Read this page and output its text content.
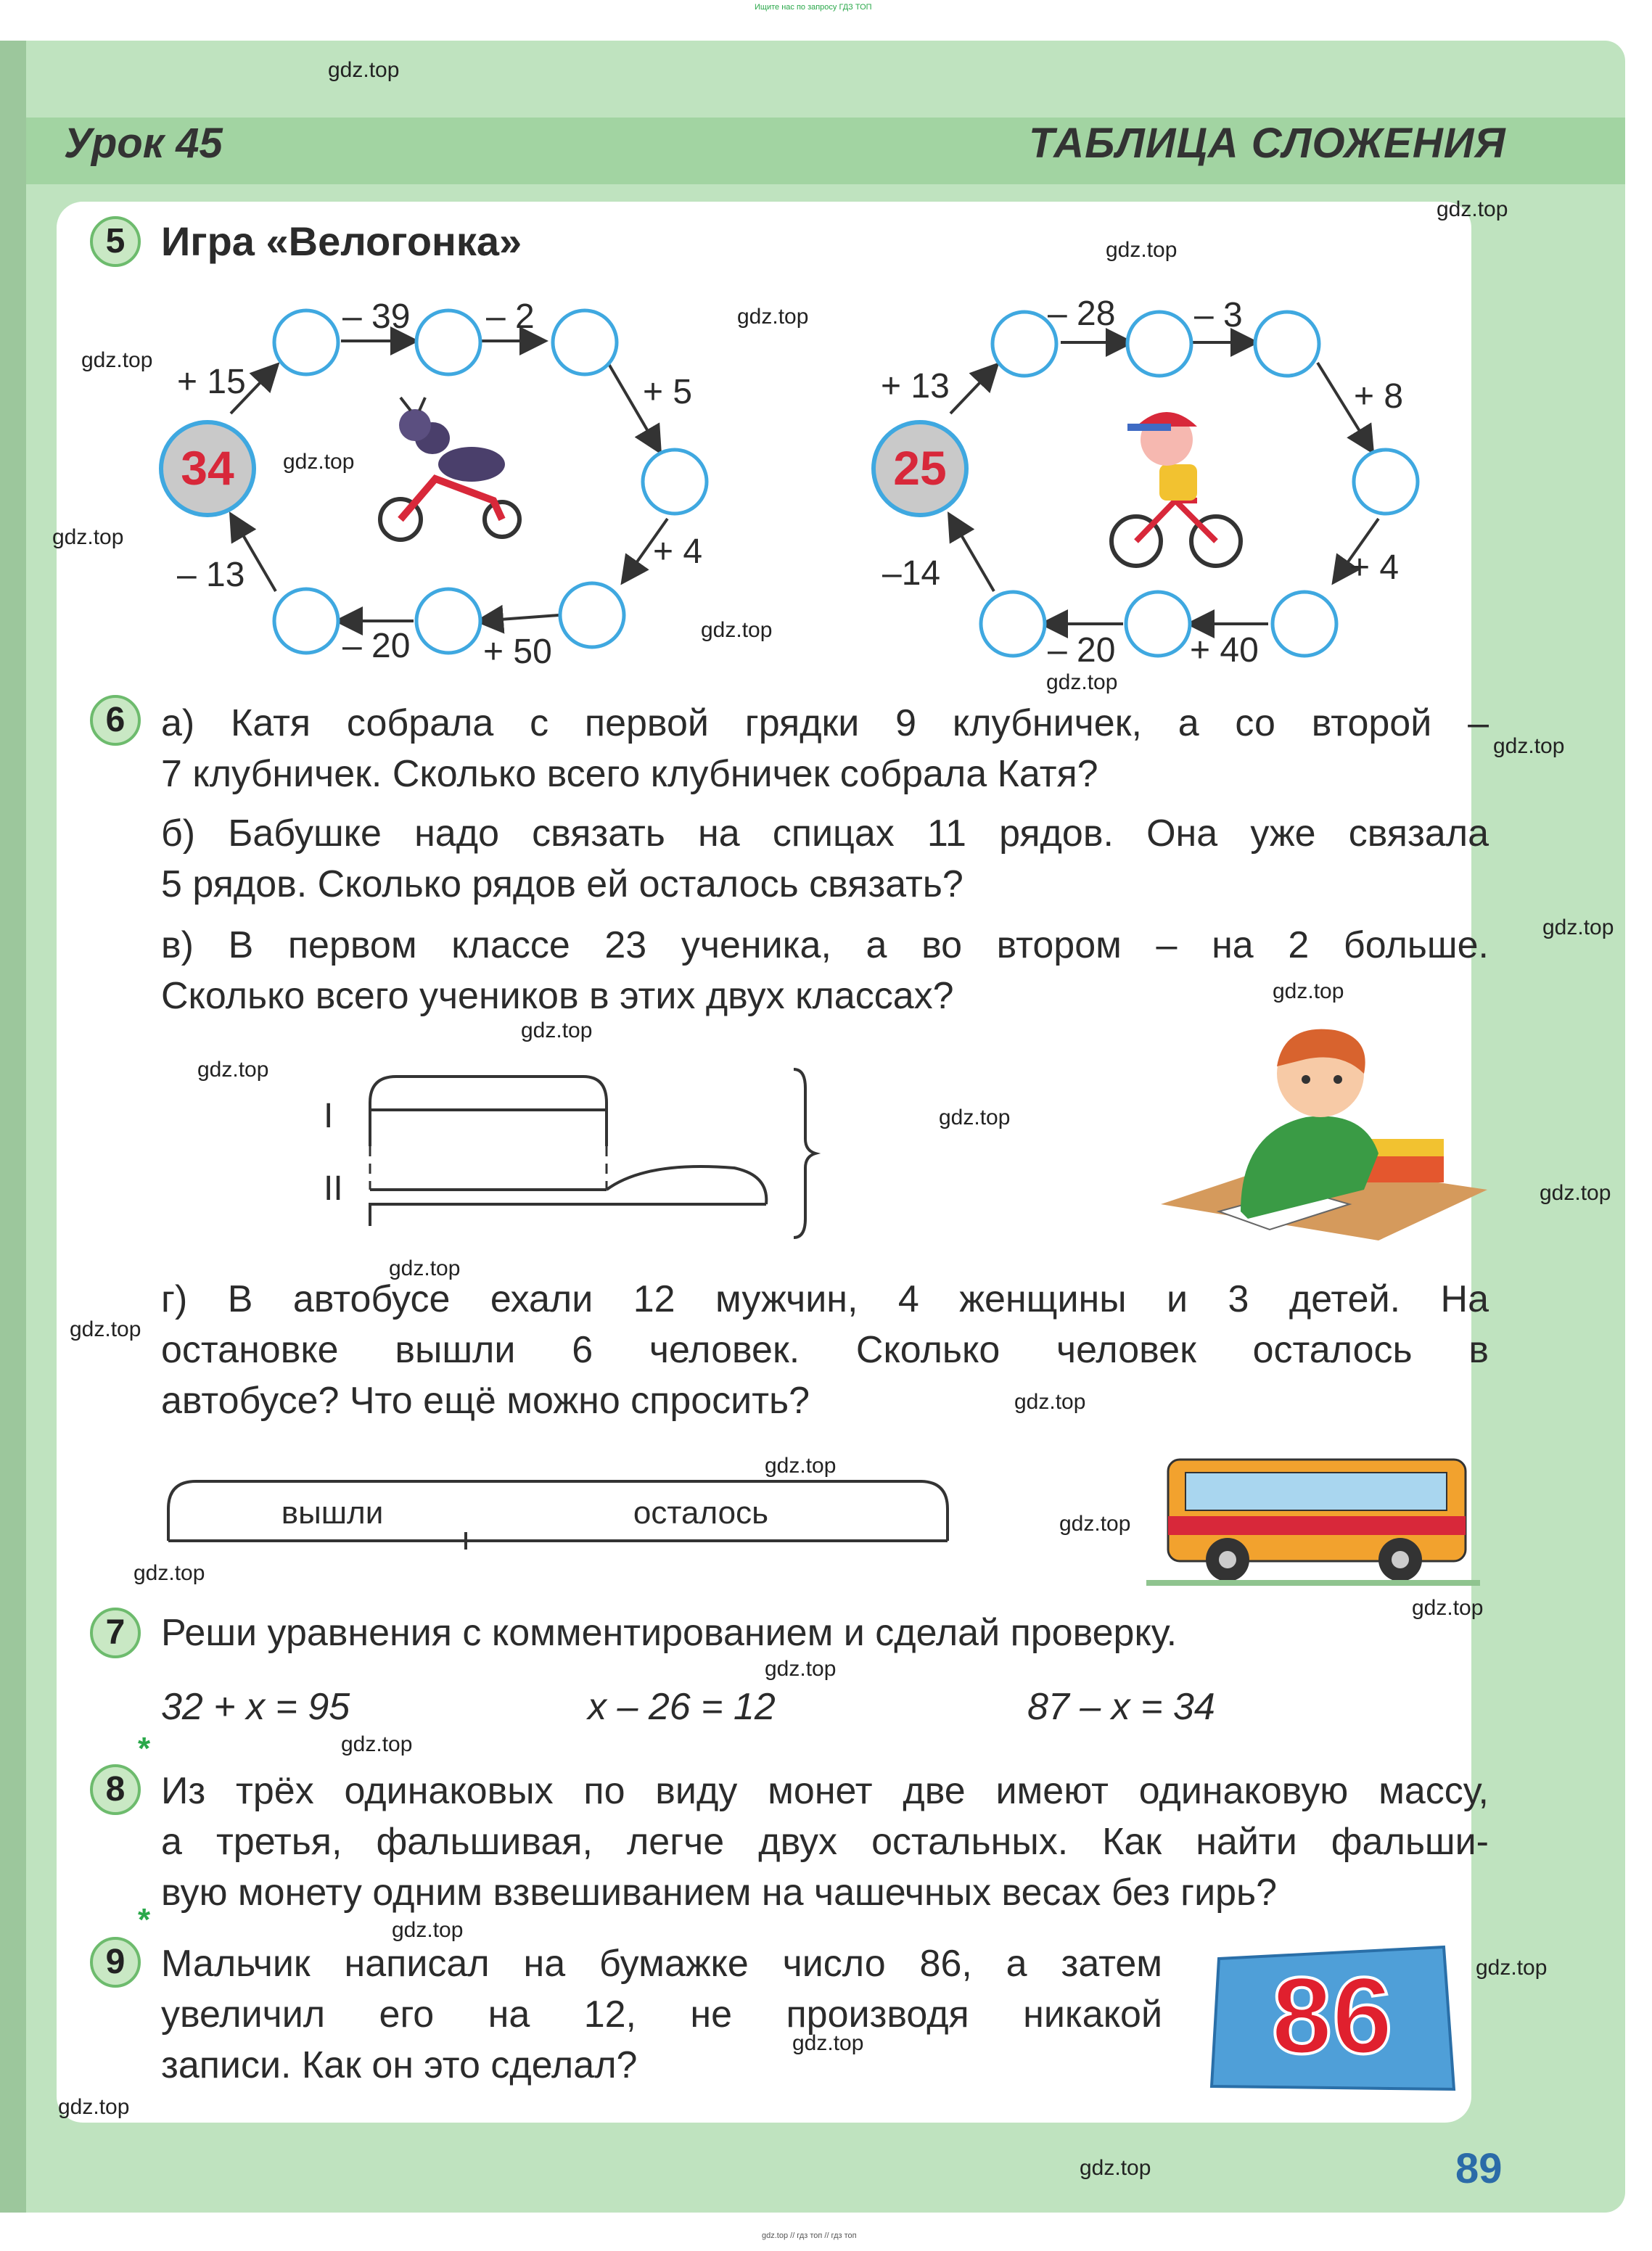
Ищите нас по запросу ГДЗ ТОП
Урок 45	ТАБЛИЦА СЛОЖЕНИЯ
gdz.top
gdz.top
gdz.top
gdz.top
gdz.top
gdz.top
gdz.top
gdz.top
gdz.top
gdz.top
gdz.top
gdz.top
gdz.top
gdz.top
gdz.top
gdz.top
gdz.top
gdz.top
gdz.top
gdz.top
gdz.top
gdz.top
gdz.top
gdz.top
gdz.top
gdz.top
gdz.top
gdz.top
gdz.top
gdz.top
5 Игра «Велогонка»
+ 15
– 39 – 2
+ 5
+ 4
+ 50
– 20
– 13
+ 13
– 28 – 3
+ 8
+ 4
+ 40
– 20
–14
34	25
6 а) Катя собрала с первой грядки 9 клубничек, а со второй –
7 клубничек. Сколько всего клубничек собрала Катя?
б) Бабушке надо связать на спицах 11 рядов. Она уже связала
5 рядов. Сколько рядов ей осталось связать?
в) В первом классе 23 ученика, а во втором – на 2 больше.
Сколько всего учеников в этих двух классах?
I
II
г) В автобусе ехали 12 мужчин, 4 женщины и 3 детей. На
остановке вышли 6 человек. Сколько человек осталось в
автобусе? Что ещё можно спросить?
вышли	осталось
7 Реши уравнения с комментированием и сделай проверку.
32 + x = 95	x – 26 = 12	87 – x = 34
*
8 Из трёх одинаковых по виду монет две имеют одинаковую массу,
а третья, фальшивая, легче двух остальных. Как найти фальши-
вую монету одним взвешиванием на чашечных весах без гирь?
*
9 Мальчик написал на бумажке число 86, а затем
увеличил его на 12, не производя никакой
записи. Как он это сделал?	86
89
gdz.top // гдз топ // гдз топ
